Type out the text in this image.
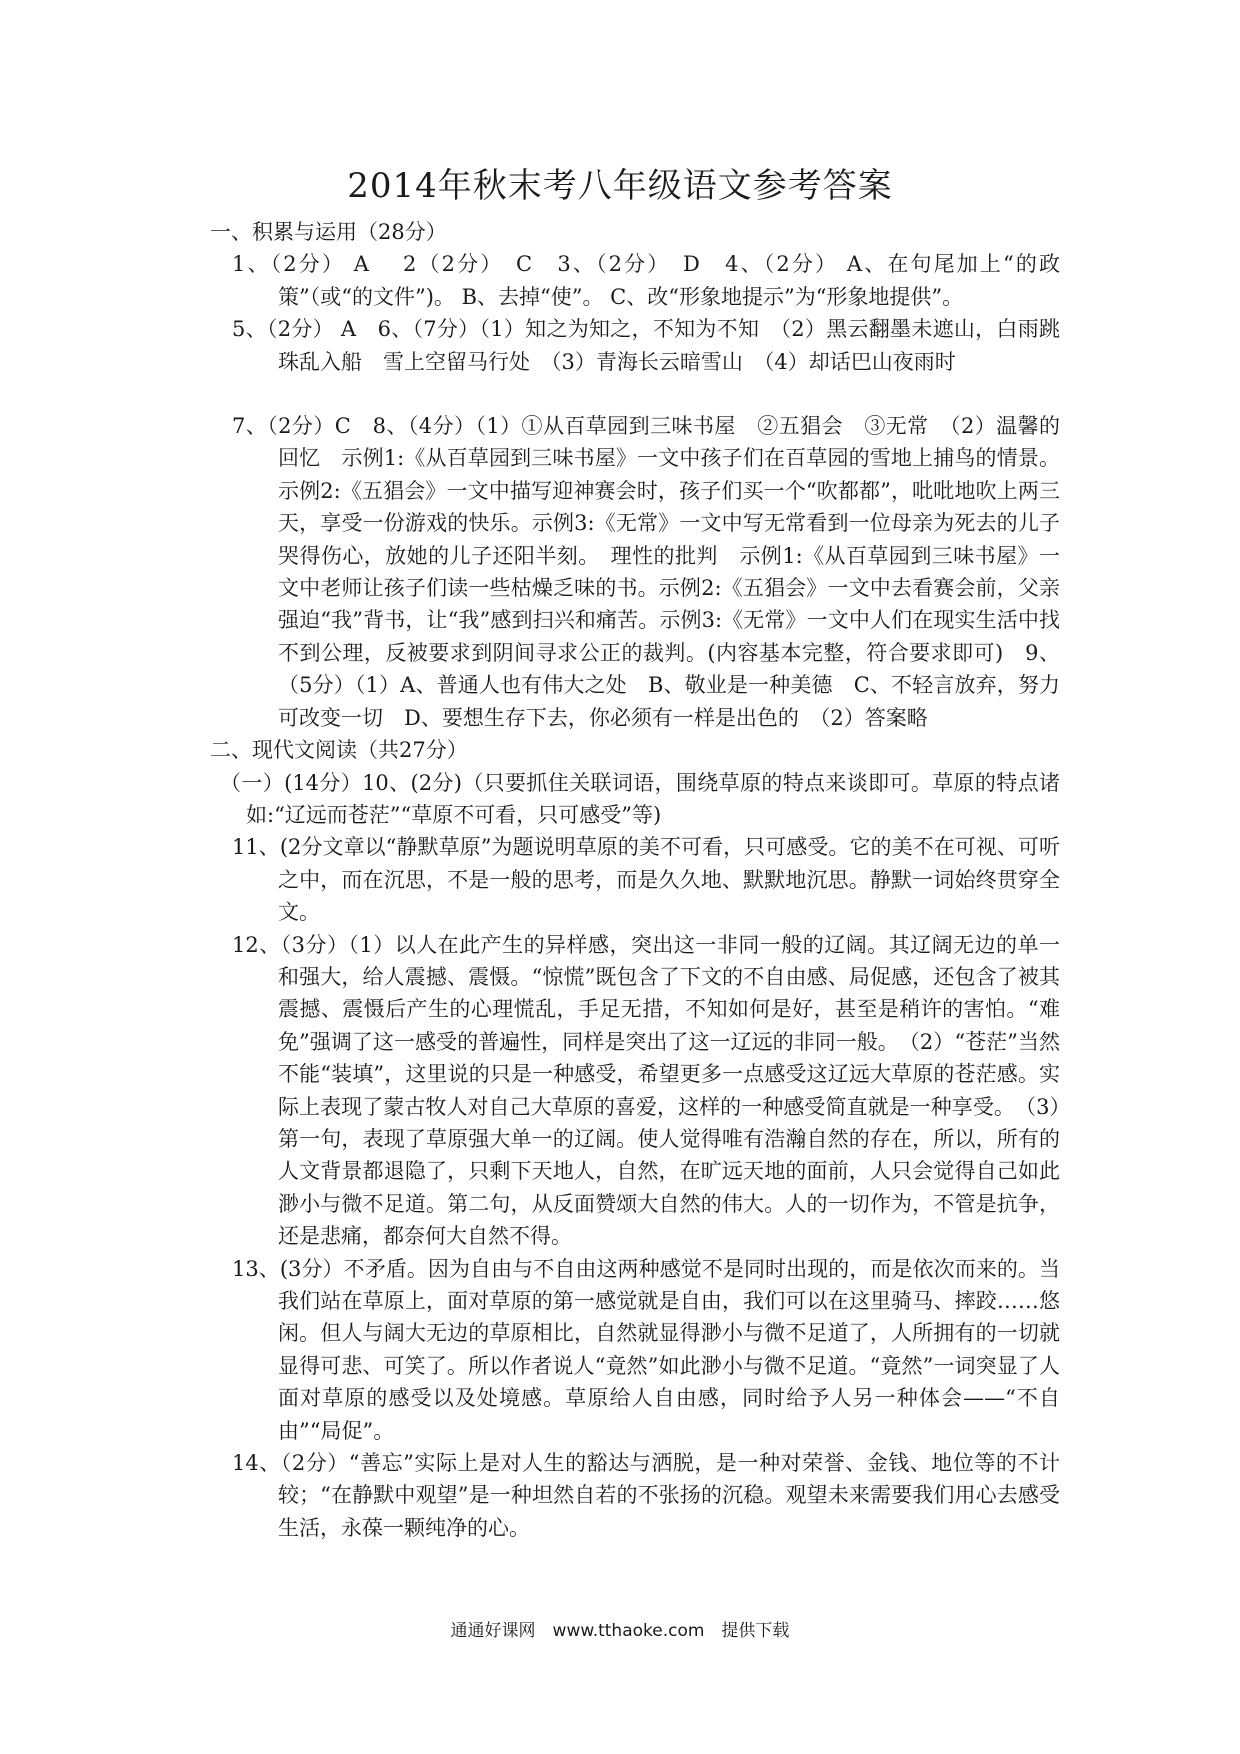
2014年秋末考八年级语文参考答案
一、积累与运用（28分）
1、（2分） A　 2（2分）　C　3、（2分）　D　4、（2分） A、在句尾加上“的政策”（或“的文件”)。 B、去掉“使”。 C、改“形象地提示”为“形象地提供”。
5、（2分） A　6、（7分）（1）知之为知之，不知为不知　（2）黑云翻墨未遮山，白雨跳珠乱入船　雪上空留马行处　（3）青海长云暗雪山　（4）却话巴山夜雨时
7、（2分）C　8、（4分）（1）①从百草园到三味书屋　②五猖会　③无常　（2）温馨的回忆　示例1:《从百草园到三味书屋》一文中孩子们在百草园的雪地上捕鸟的情景。示例2:《五猖会》一文中描写迎神赛会时，孩子们买一个“吹都都”，吡吡地吹上两三天，享受一份游戏的快乐。示例3:《无常》一文中写无常看到一位母亲为死去的儿子哭得伤心，放她的儿子还阳半刻。　理性的批判　示例1:《从百草园到三味书屋》一文中老师让孩子们读一些枯燥乏味的书。示例2:《五猖会》一文中去看赛会前，父亲强迫“我”背书，让“我”感到扫兴和痛苦。示例3:《无常》一文中人们在现实生活中找不到公理，反被要求到阴间寻求公正的裁判。(内容基本完整，符合要求即可)　9、（5分）（1）A、普通人也有伟大之处　B、敬业是一种美德　C、不轻言放弃，努力可改变一切　D、要想生存下去，你必须有一样是出色的　（2）答案略
二、现代文阅读（共27分）
（一）(14分）10、(2分)（只要抓住关联词语，围绕草原的特点来谈即可。草原的特点诸如:“辽远而苍茫”“草原不可看，只可感受”等)
11、(2分文章以“静默草原”为题说明草原的美不可看，只可感受。它的美不在可视、可听之中，而在沉思，不是一般的思考，而是久久地、默默地沉思。静默一词始终贯穿全文。
12、（3分）（1）以人在此产生的异样感，突出这一非同一般的辽阔。其辽阔无边的单一和强大，给人震撼、震慑。“惊慌”既包含了下文的不自由感、局促感，还包含了被其震撼、震慑后产生的心理慌乱，手足无措，不知如何是好，甚至是稍许的害怕。“难免”强调了这一感受的普遍性，同样是突出了这一辽远的非同一般。　（2）“苍茫”当然不能“装填”，这里说的只是一种感受，希望更多一点感受这辽远大草原的苍茫感。实际上表现了蒙古牧人对自己大草原的喜爱，这样的一种感受简直就是一种享受。　（3）第一句，表现了草原强大单一的辽阔。使人觉得唯有浩瀚自然的存在，所以，所有的人文背景都退隐了，只剩下天地人，自然，在旷远天地的面前，人只会觉得自己如此渺小与微不足道。第二句，从反面赞颂大自然的伟大。人的一切作为，不管是抗争，还是悲痛，都奈何大自然不得。
13、(3分）不矛盾。因为自由与不自由这两种感觉不是同时出现的，而是依次而来的。当我们站在草原上，面对草原的第一感觉就是自由，我们可以在这里骑马、摔跤……悠闲。但人与阔大无边的草原相比，自然就显得渺小与微不足道了，人所拥有的一切就显得可悲、可笑了。所以作者说人“竟然”如此渺小与微不足道。“竟然”一词突显了人面对草原的感受以及处境感。草原给人自由感，同时给予人另一种体会——“不自由”“局促”。
14、（2分）“善忘”实际上是对人生的豁达与洒脱，是一种对荣誉、金钱、地位等的不计较；“在静默中观望”是一种坦然自若的不张扬的沉稳。观望未来需要我们用心去感受生活，永葆一颗纯净的心。
通通好课网　www.tthaoke.com　提供下载
